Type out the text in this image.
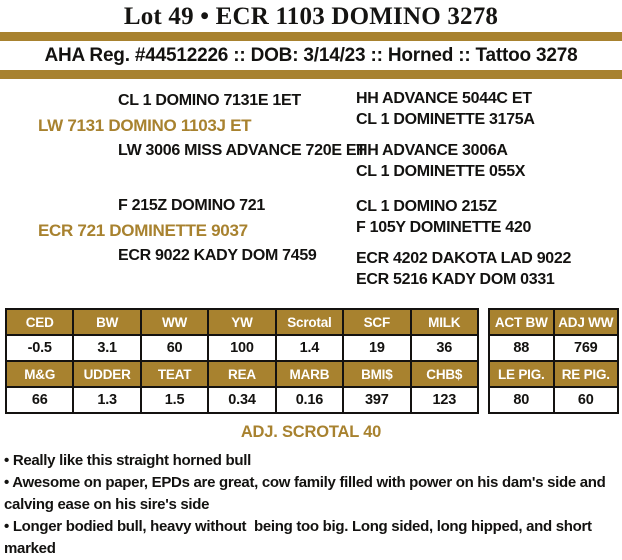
Lot 49 • ECR 1103 DOMINO 3278
AHA Reg. #44512226 :: DOB: 3/14/23 :: Horned :: Tattoo 3278
CL 1 DOMINO 7131E 1ET
LW 7131 DOMINO 1103J ET
LW 3006 MISS ADVANCE 720E ET
F 215Z DOMINO 721
ECR 721 DOMINETTE 9037
ECR 9022 KADY DOM 7459
HH ADVANCE 5044C ET
CL 1 DOMINETTE 3175A
HH ADVANCE 3006A
CL 1 DOMINETTE 055X
CL 1 DOMINO 215Z
F 105Y DOMINETTE 420
ECR 4202 DAKOTA LAD 9022
ECR 5216 KADY DOM 0331
CED	BW	WW	YW	Scrotal	SCF	MILK
-0.5	3.1	60	100	1.4	19	36
M&G	UDDER	TEAT	REA	MARB	BMI$	CHB$
66	1.3	1.5	0.34	0.16	397	123
ACT BW	ADJ WW
88	769
LE PIG.	RE PIG.
80	60
ADJ. SCROTAL 40
• Really like this straight horned bull
• Awesome on paper, EPDs are great, cow family filled with power on his dam's side and calving ease on his sire's side
• Longer bodied bull, heavy without  being too big. Long sided, long hipped, and short marked
